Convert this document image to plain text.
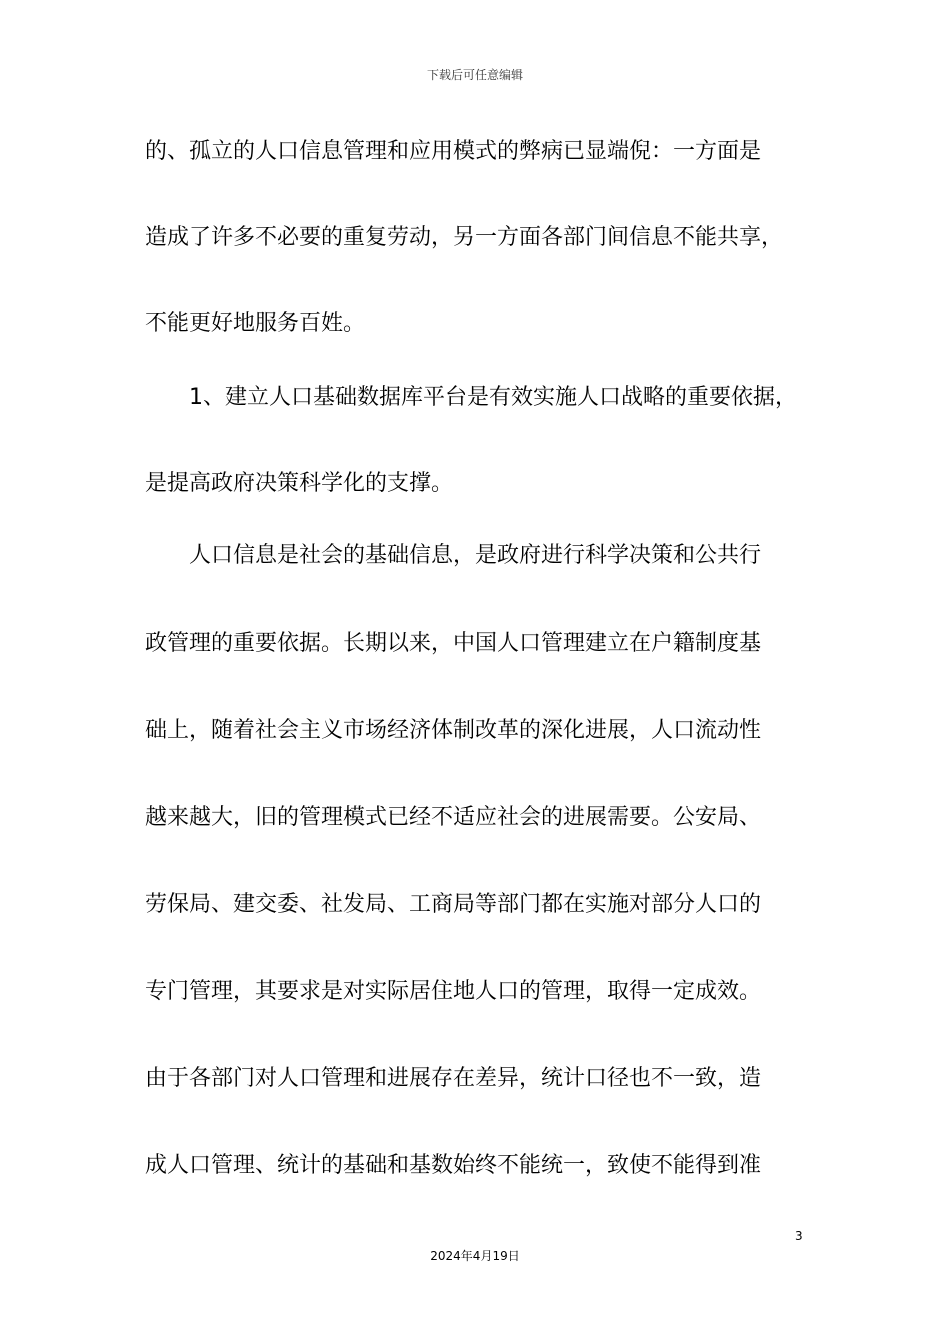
下载后可任意编辑
的、孤立的人口信息管理和应用模式的弊病已显端倪：一方面是
造成了许多不必要的重复劳动，另一方面各部门间信息不能共享，
不能更好地服务百姓。
1、建立人口基础数据库平台是有效实施人口战略的重要依据，
是提高政府决策科学化的支撑。
人口信息是社会的基础信息，是政府进行科学决策和公共行
政管理的重要依据。长期以来，中国人口管理建立在户籍制度基
础上，随着社会主义市场经济体制改革的深化进展，人口流动性
越来越大，旧的管理模式已经不适应社会的进展需要。公安局、
劳保局、建交委、社发局、工商局等部门都在实施对部分人口的
专门管理，其要求是对实际居住地人口的管理，取得一定成效。
由于各部门对人口管理和进展存在差异，统计口径也不一致，造
成人口管理、统计的基础和基数始终不能统一，致使不能得到准
3
2024年4月19日
